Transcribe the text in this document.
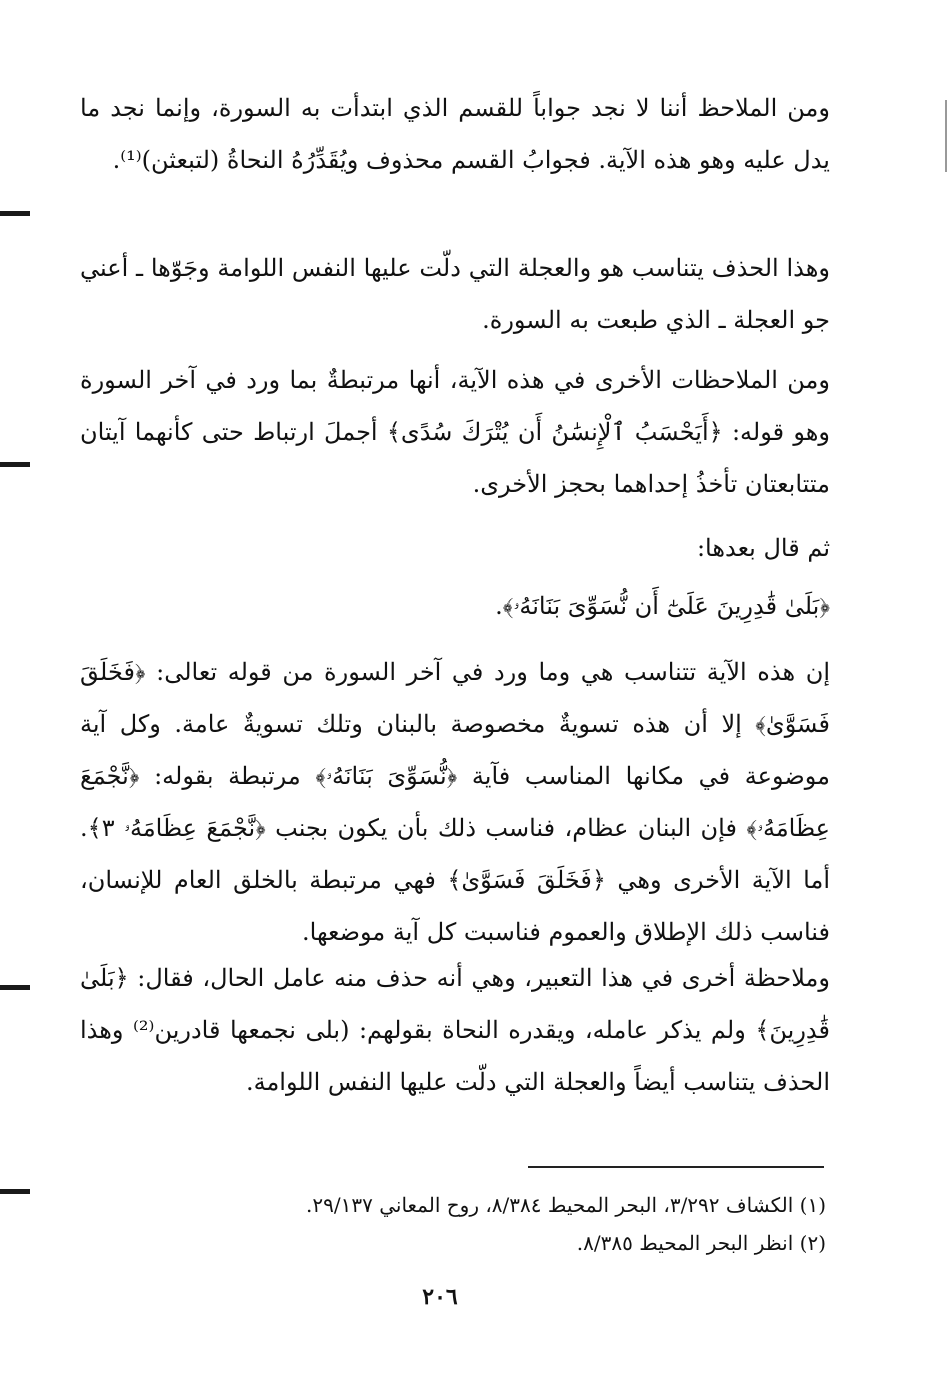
ومن الملاحظ أننا لا نجد جواباً للقسم الذي ابتدأت به السورة، وإنما نجد ما يدل عليه وهو هذه الآية. فجوابُ القسم محذوف ويُقَدِّرُهُ النحاةُ (لتبعثن)⁽¹⁾.

وهذا الحذف يتناسب هو والعجلة التي دلّت عليها النفس اللوامة وجَوّها ـ أعني جو العجلة ـ الذي طبعت به السورة.

ومن الملاحظات الأخرى في هذه الآية، أنها مرتبطةٌ بما ورد في آخر السورة وهو قوله: ﴿أَيَحْسَبُ ٱلْإِنسَٰنُ أَن يُتْرَكَ سُدًى﴾ أجملَ ارتباط حتى كأنهما آيتان متتابعتان تأخذُ إحداهما بحجز الأخرى.

ثم قال بعدها:

﴿بَلَىٰ قَٰدِرِينَ عَلَىٰٓ أَن نُّسَوِّىَ بَنَانَهُۥ﴾.

إن هذه الآية تتناسب هي وما ورد في آخر السورة من قوله تعالى: ﴿فَخَلَقَ فَسَوَّىٰ﴾ إلا أن هذه تسويةٌ مخصوصة بالبنان وتلك تسويةٌ عامة. وكل آية موضوعة في مكانها المناسب فآية ﴿نُّسَوِّىَ بَنَانَهُۥ﴾ مرتبطة بقوله: ﴿نَّجْمَعَ عِظَامَهُۥ﴾ فإن البنان عظام، فناسب ذلك بأن يكون بجنب ﴿نَّجْمَعَ عِظَامَهُۥ ٣﴾. أما الآية الأخرى وهي ﴿فَخَلَقَ فَسَوَّىٰ﴾ فهي مرتبطة بالخلق العام للإنسان، فناسب ذلك الإطلاق والعموم فناسبت كل آية موضعها.

وملاحظة أخرى في هذا التعبير، وهي أنه حذف منه عامل الحال، فقال: ﴿بَلَىٰ قَٰدِرِينَ﴾ ولم يذكر عامله، ويقدره النحاة بقولهم: (بلى نجمعها قادرين⁽²⁾ وهذا الحذف يتناسب أيضاً والعجلة التي دلّت عليها النفس اللوامة.

(١) الكشاف ٣/٢٩٢، البحر المحيط ٨/٣٨٤، روح المعاني ٢٩/١٣٧.
(٢) انظر البحر المحيط ٨/٣٨٥.
٢٠٦
